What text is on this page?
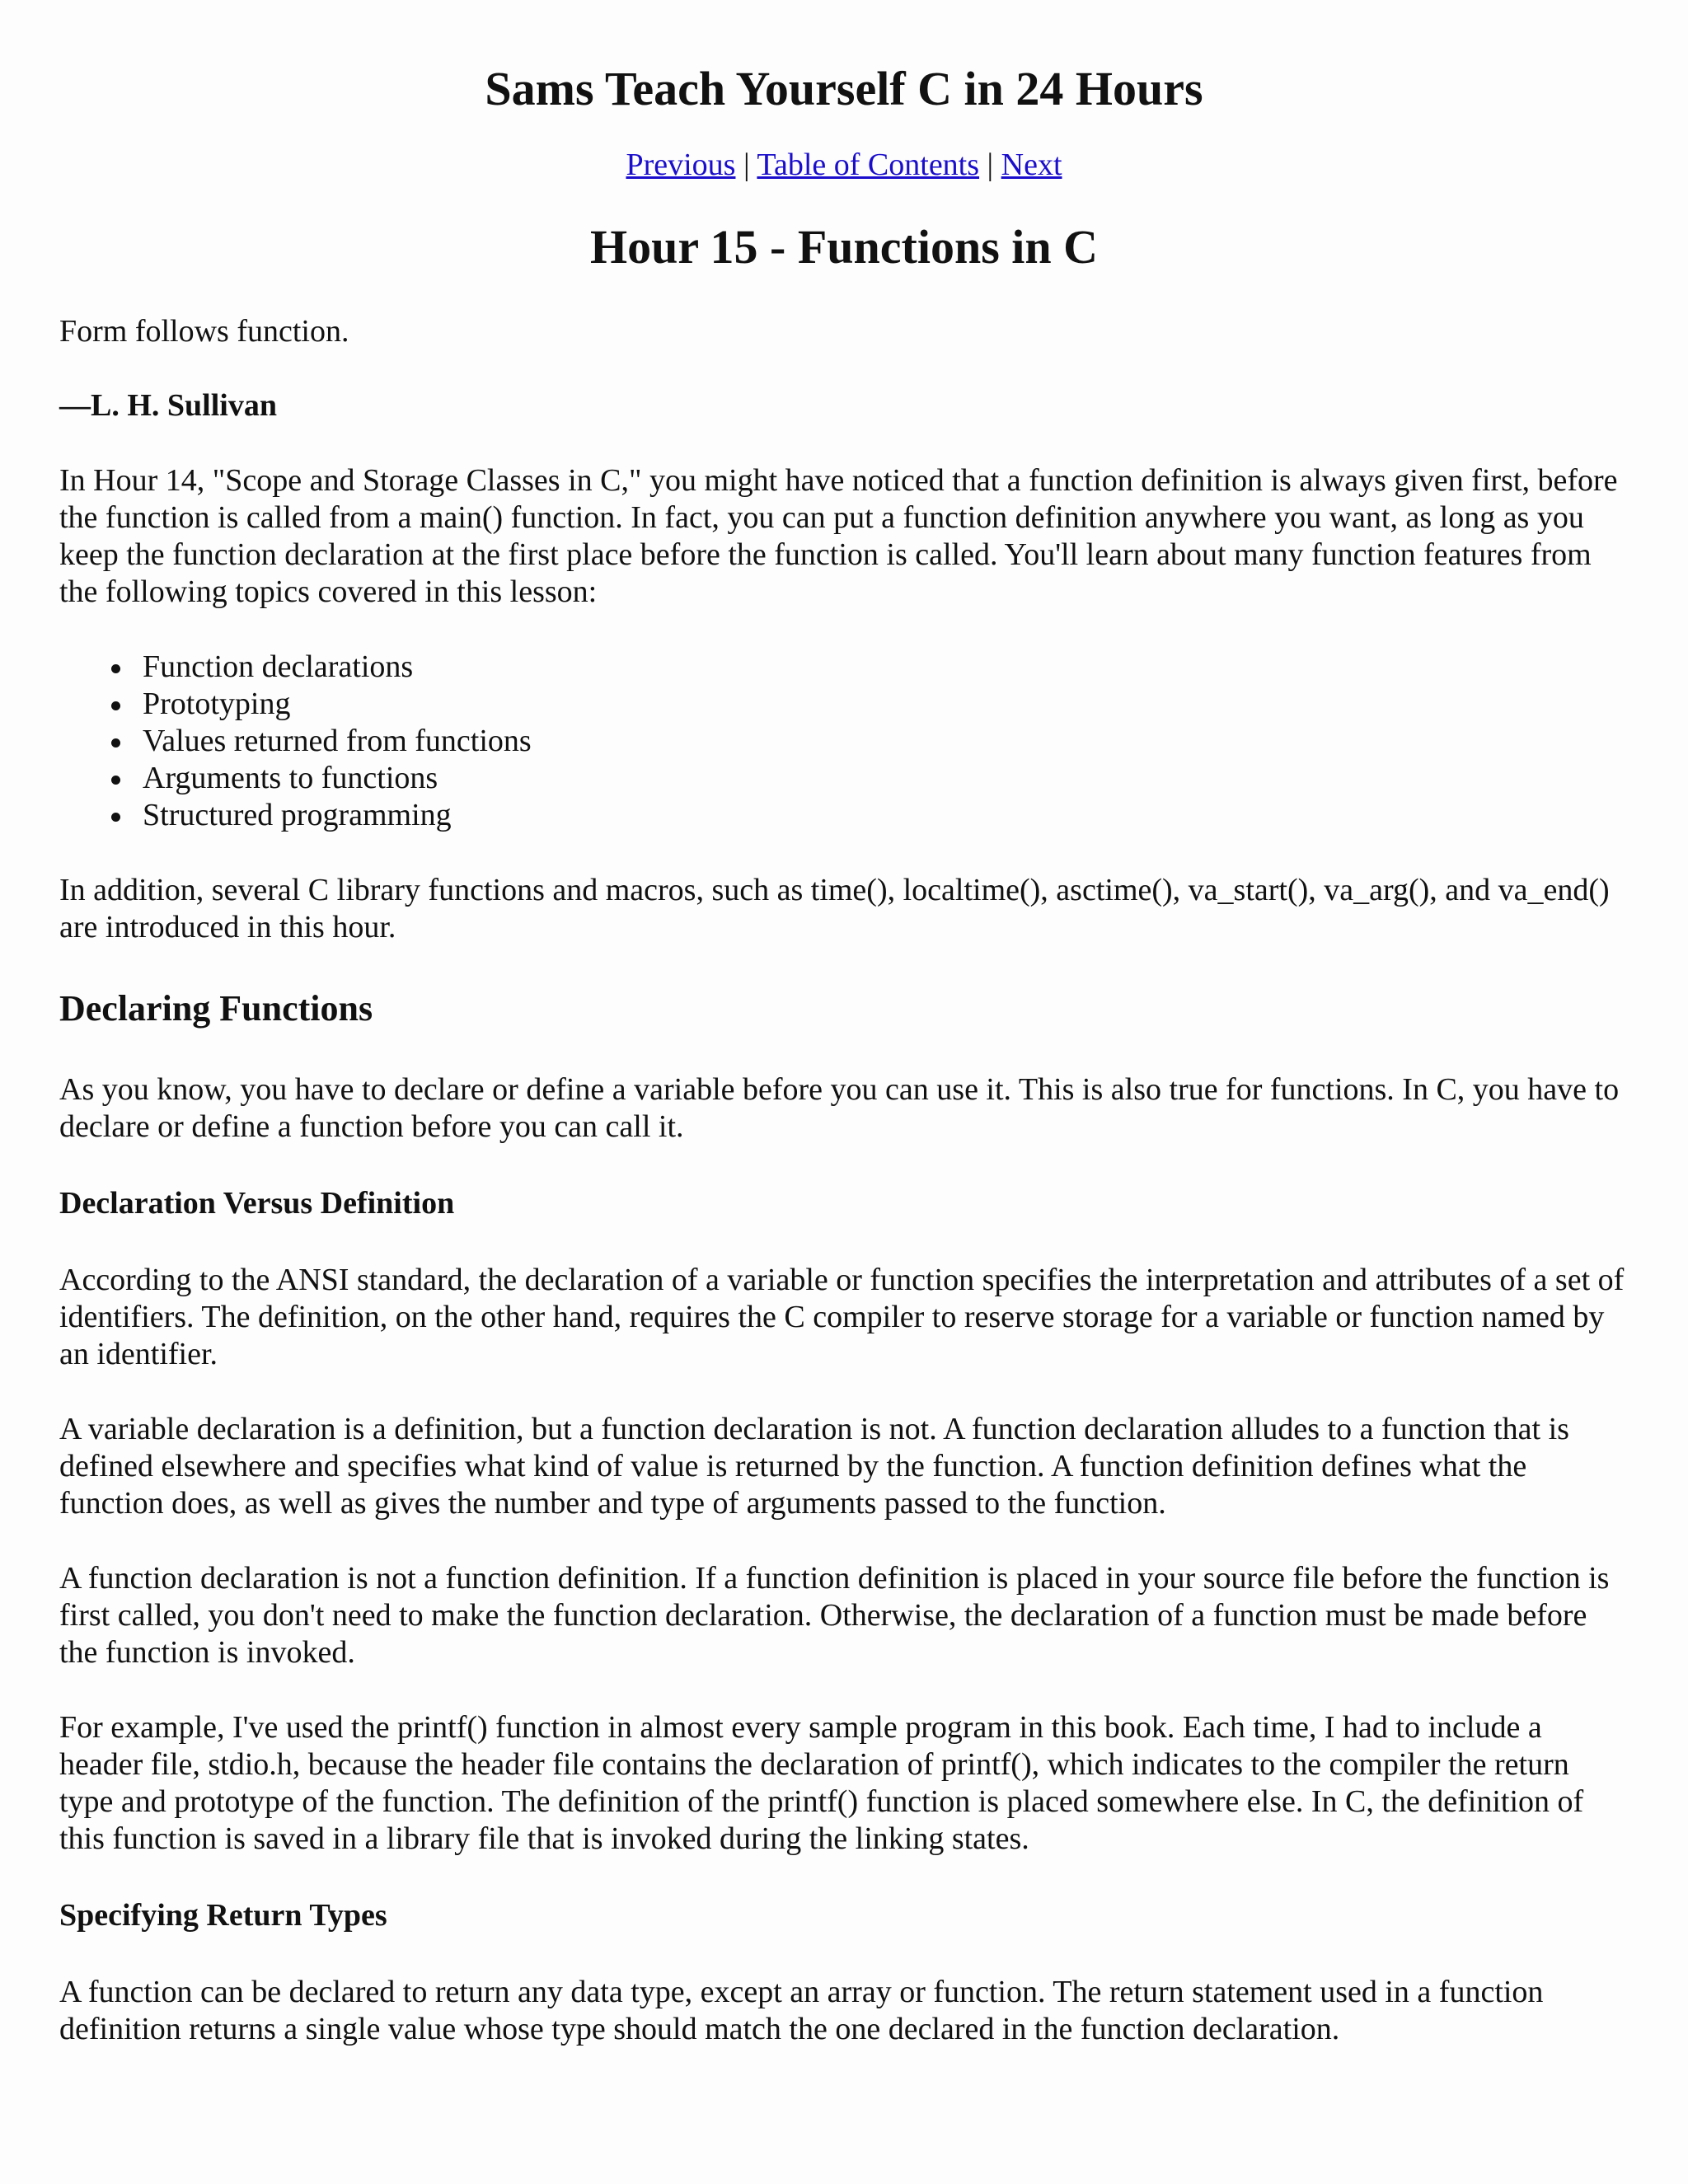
Sams Teach Yourself C in 24 Hours
Previous | Table of Contents | Next
Hour 15 - Functions in C

Form follows function.

—L. H. Sullivan

In Hour 14, "Scope and Storage Classes in C," you might have noticed that a function definition is always given first, before the function is called from a main() function. In fact, you can put a function definition anywhere you want, as long as you keep the function declaration at the first place before the function is called. You'll learn about many function features from the following topics covered in this lesson:

Function declarations
Prototyping
Values returned from functions
Arguments to functions
Structured programming

In addition, several C library functions and macros, such as time(), localtime(), asctime(), va_start(), va_arg(), and va_end() are introduced in this hour.

Declaring Functions

As you know, you have to declare or define a variable before you can use it. This is also true for functions. In C, you have to declare or define a function before you can call it.

Declaration Versus Definition

According to the ANSI standard, the declaration of a variable or function specifies the interpretation and attributes of a set of identifiers. The definition, on the other hand, requires the C compiler to reserve storage for a variable or function named by an identifier.

A variable declaration is a definition, but a function declaration is not. A function declaration alludes to a function that is defined elsewhere and specifies what kind of value is returned by the function. A function definition defines what the function does, as well as gives the number and type of arguments passed to the function.

A function declaration is not a function definition. If a function definition is placed in your source file before the function is first called, you don't need to make the function declaration. Otherwise, the declaration of a function must be made before the function is invoked.

For example, I've used the printf() function in almost every sample program in this book. Each time, I had to include a header file, stdio.h, because the header file contains the declaration of printf(), which indicates to the compiler the return type and prototype of the function. The definition of the printf() function is placed somewhere else. In C, the definition of this function is saved in a library file that is invoked during the linking states.

Specifying Return Types

A function can be declared to return any data type, except an array or function. The return statement used in a function definition returns a single value whose type should match the one declared in the function declaration.
